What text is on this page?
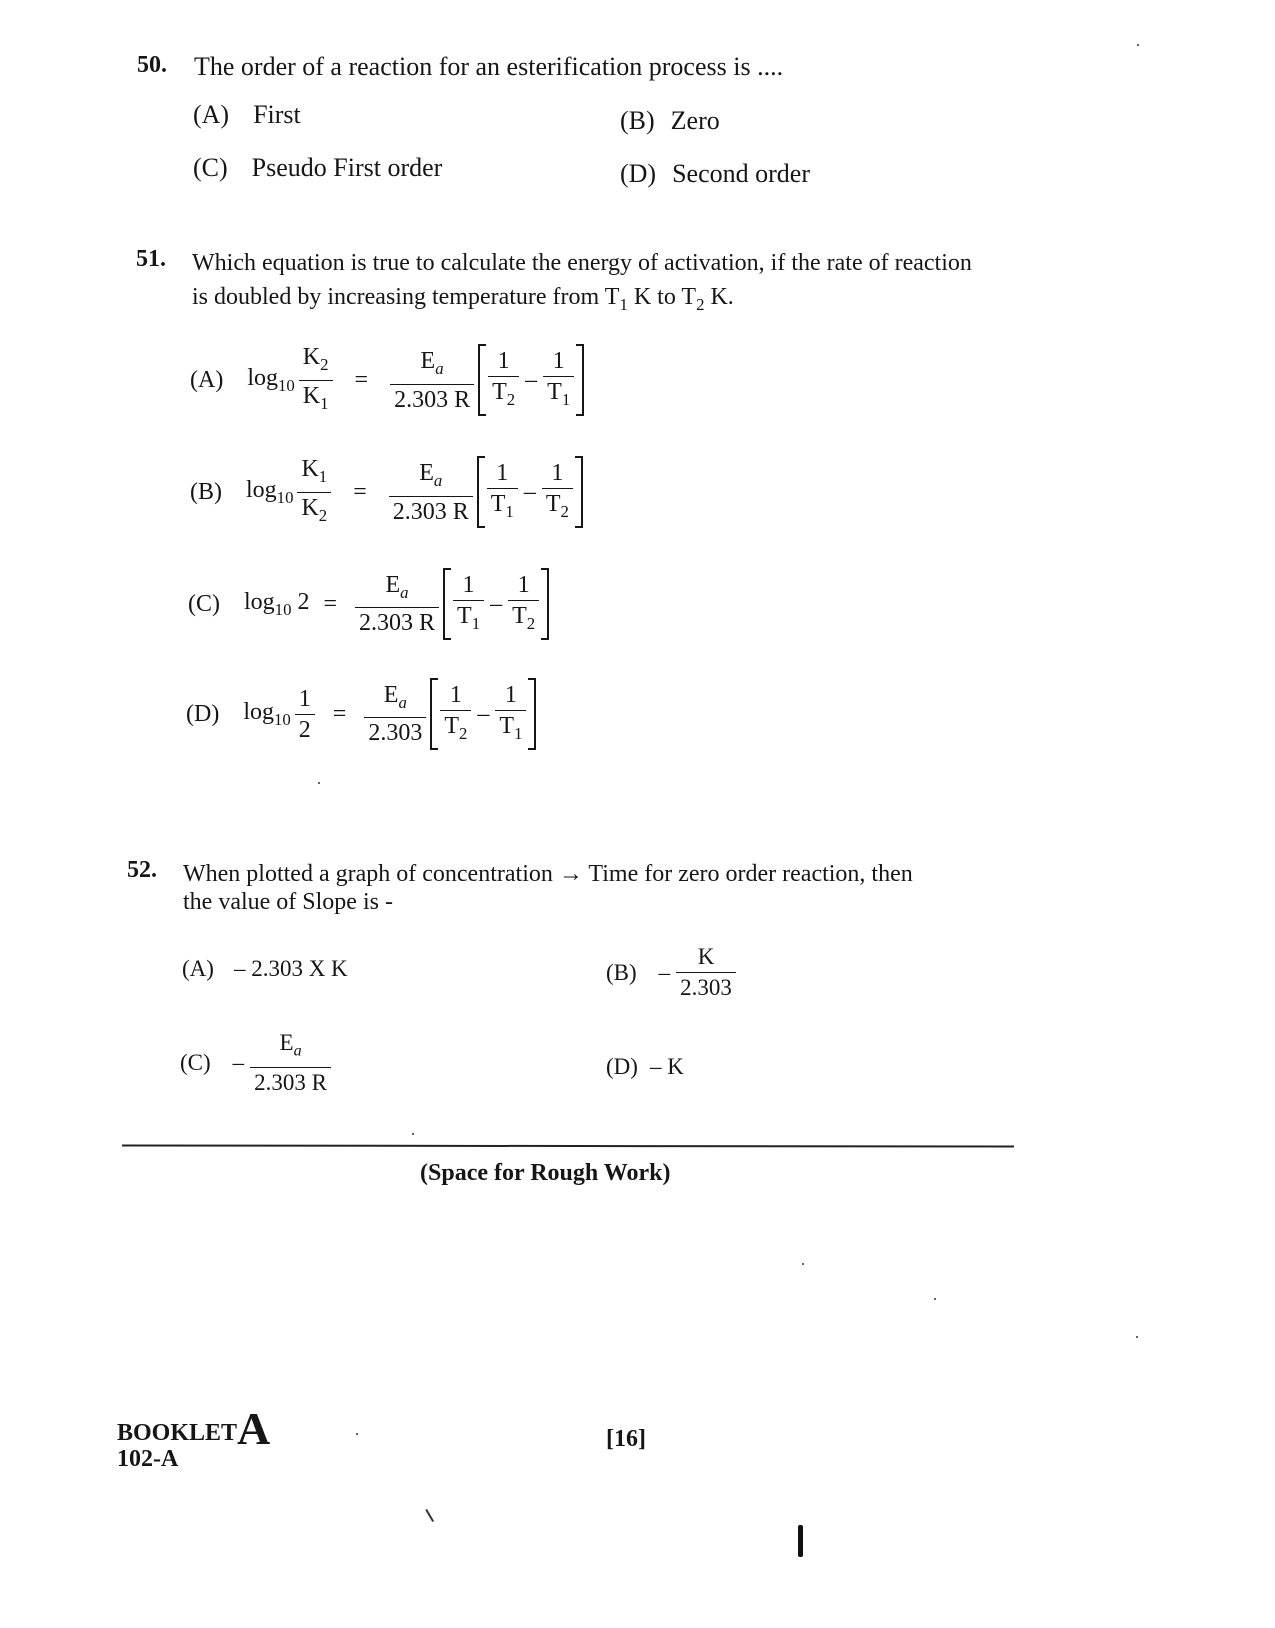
50. The order of a reaction for an esterification process is ....
(A) First	(B) Zero
(C) Pseudo First order	(D) Second order
51. Which equation is true to calculate the energy of activation, if the rate of reaction
is doubled by increasing temperature from $T_1$ K to $T_2$ K.
(A) $\log_{10} \frac{K_2}{K_1} = \frac{E_a}{2.303 R} \frac{1}{T_2} - \frac{1}{T_1}$
(B) $\log_{10} \frac{K_1}{K_2} = \frac{E_a}{2.303 R} \frac{1}{T_1} - \frac{1}{T_2}$
(C) $\log_{10} 2 = \frac{E_a}{2.303 R} \frac{1}{T_1} - \frac{1}{T_2}$
(D) $\log_{10} \frac{1}{2} = \frac{E_a}{2.303} \frac{1}{T_2} - \frac{1}{T_1}$
52. When plotted a graph of concentration → Time for zero order reaction, then
the value of Slope is -
(A) – 2.303 X K	$(B) - \frac{K}{2.303}$
$(C) - \frac{E_a}{2.303 R}$	(D) – K
(Space for Rough Work)
BOOKLETA
102-A
[16]
